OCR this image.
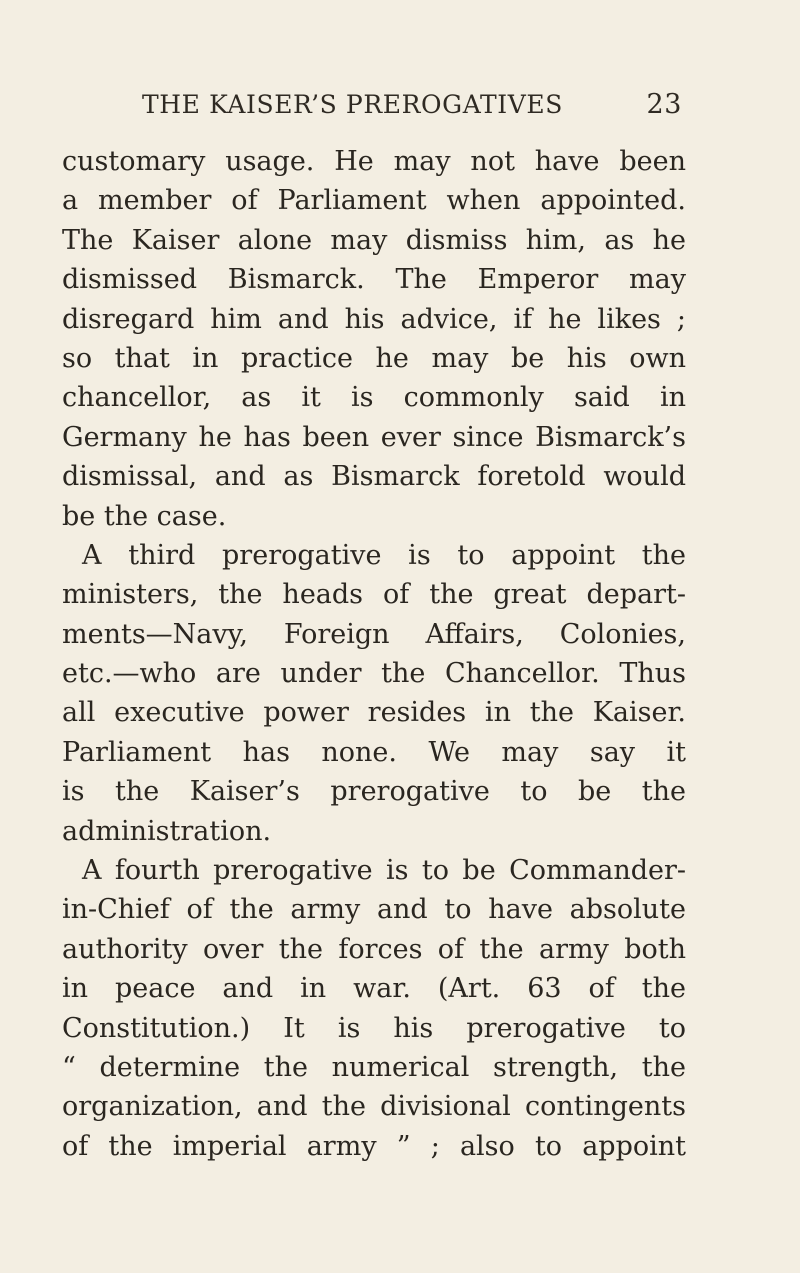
THE KAISER’S PREROGATIVES	23
customary usage. He may not have been
a member of Parliament when appointed.
The Kaiser alone may dismiss him, as he
dismissed Bismarck. The Emperor may
disregard him and his advice, if he likes ;
so that in practice he may be his own
chancellor, as it is commonly said in
Germany he has been ever since Bismarck’s
dismissal, and as Bismarck foretold would
be the case.
A third prerogative is to appoint the
ministers, the heads of the great depart-
ments—Navy, Foreign Affairs, Colonies,
etc.—who are under the Chancellor. Thus
all executive power resides in the Kaiser.
Parliament has none. We may say it
is the Kaiser’s prerogative to be the
administration.
A fourth prerogative is to be Commander-
in-Chief of the army and to have absolute
authority over the forces of the army both
in peace and in war. (Art. 63 of the
Constitution.) It is his prerogative to
“ determine the numerical strength, the
organization, and the divisional contingents
of the imperial army ” ; also to appoint
